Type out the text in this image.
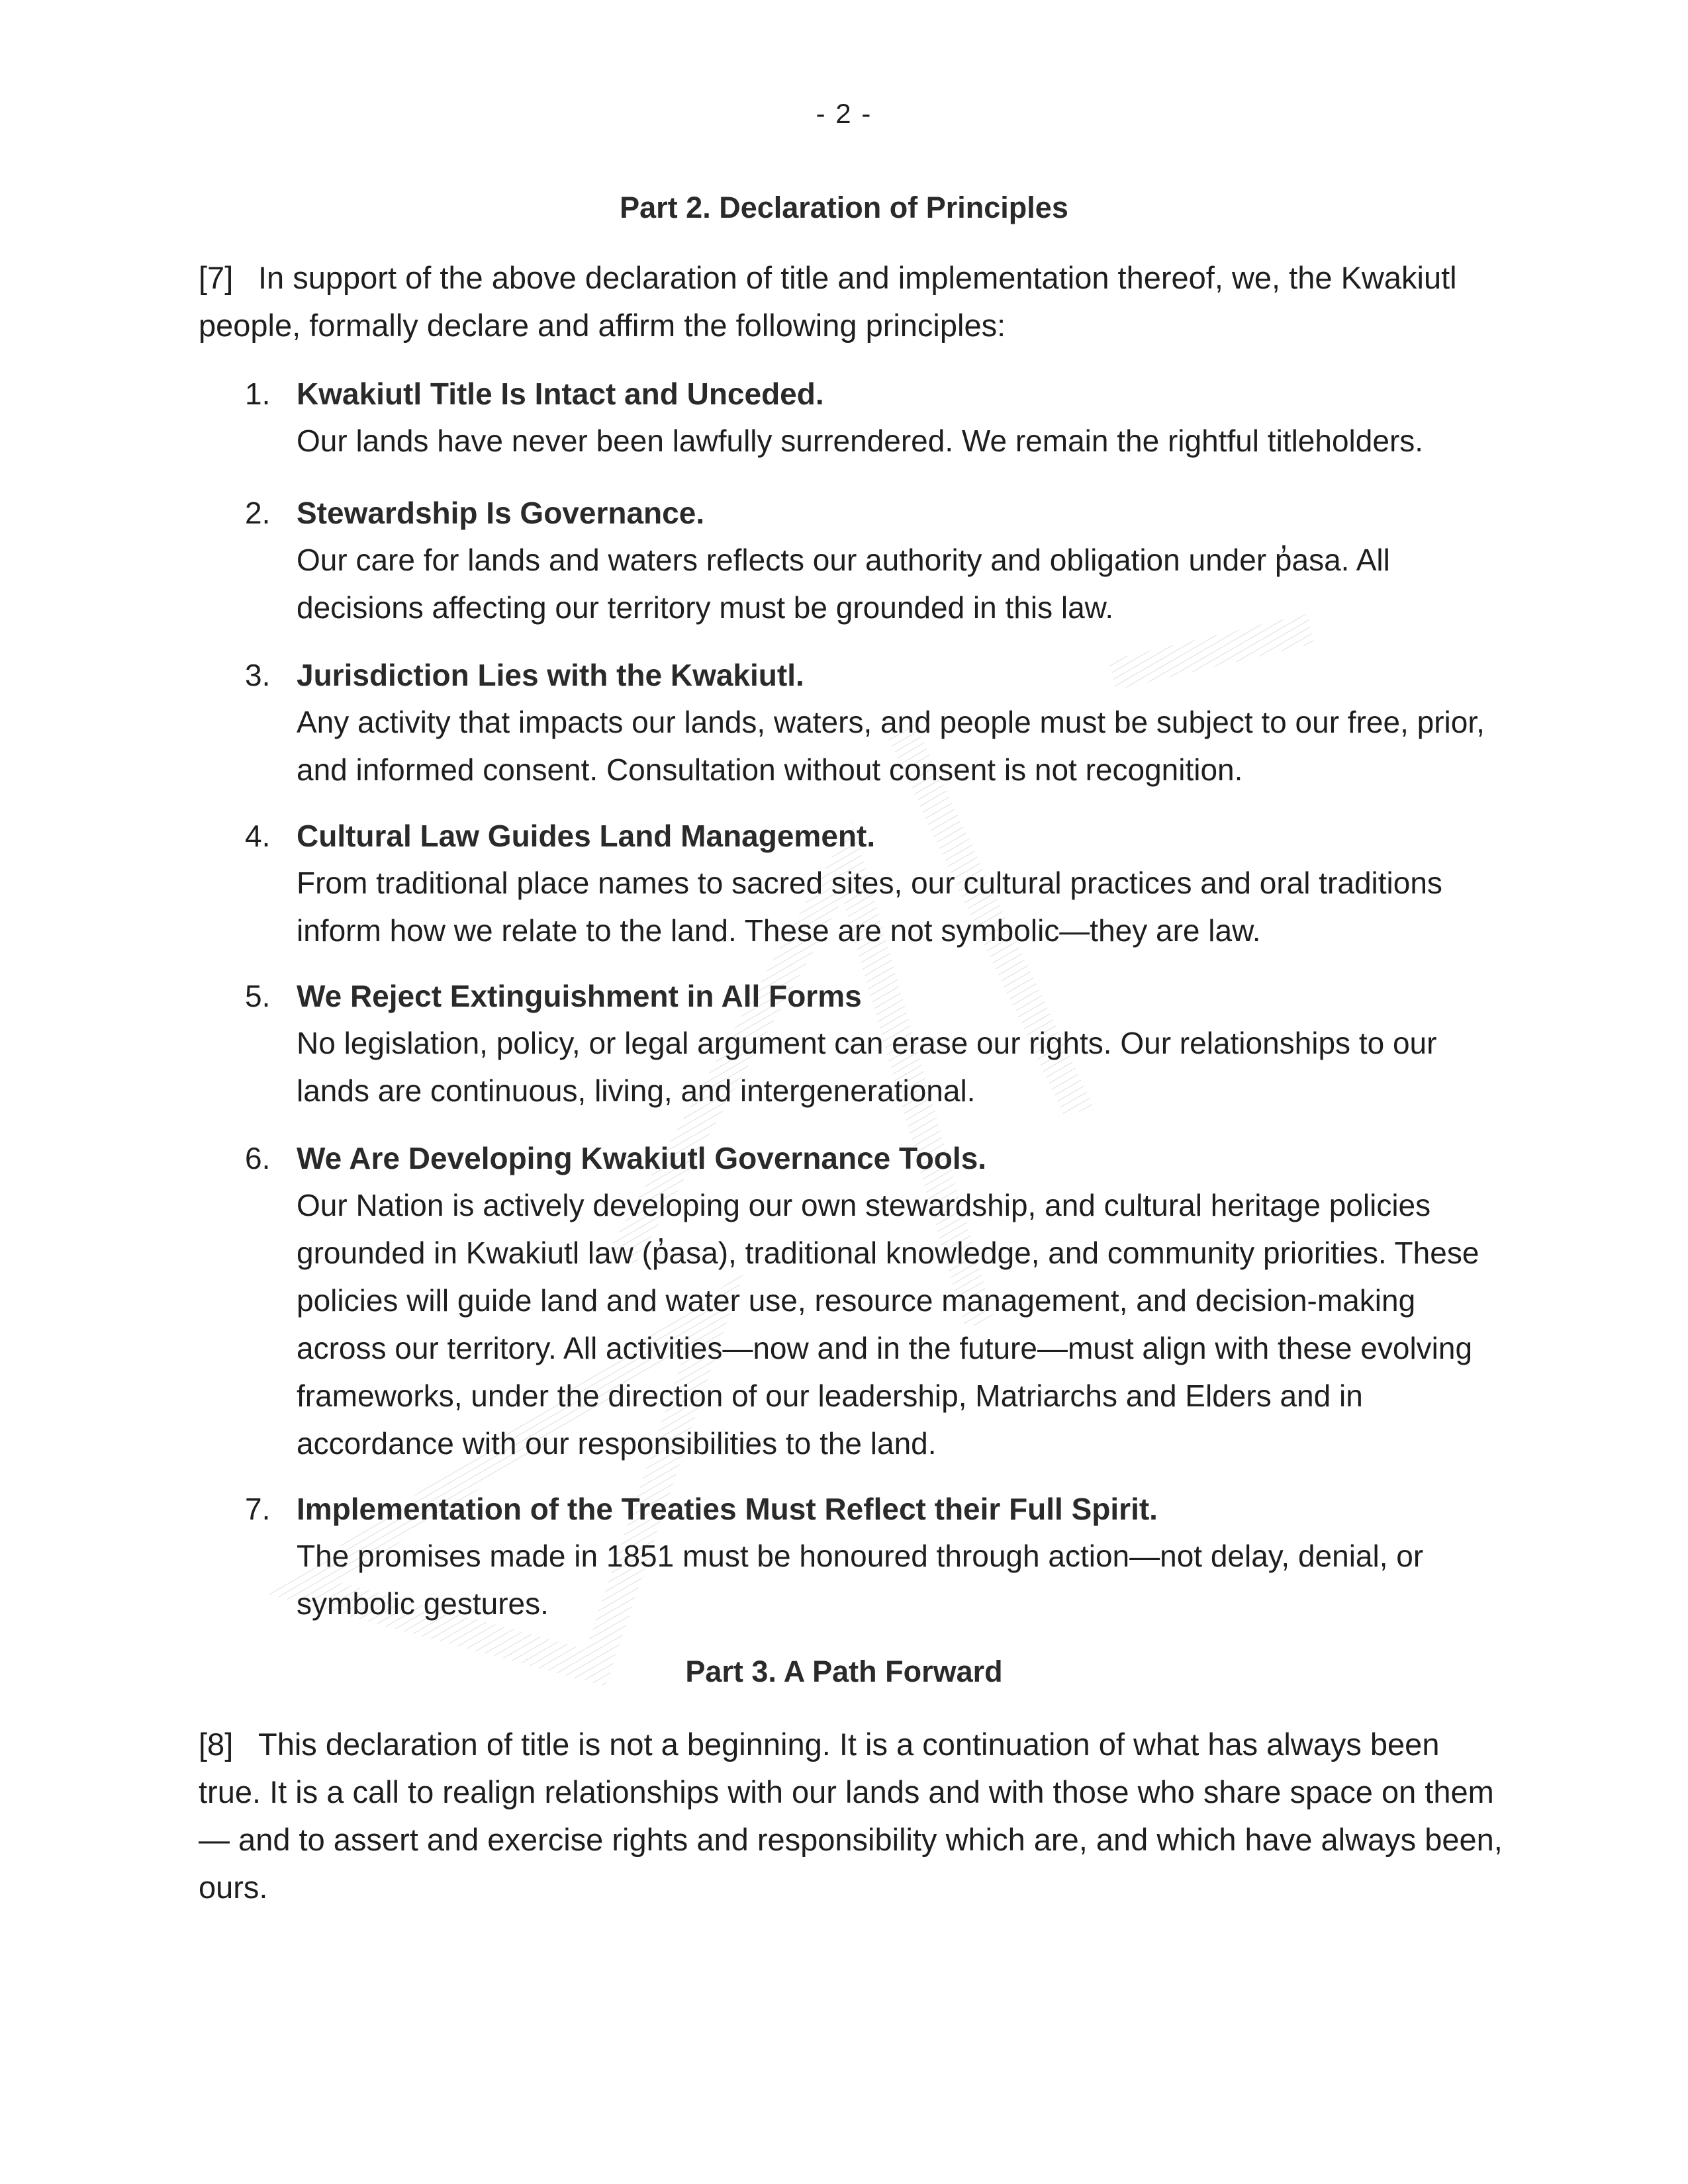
- 2 -
Part 2. Declaration of Principles
[7] In support of the above declaration of title and implementation thereof, we, the Kwakiutl people, formally declare and affirm the following principles:
1. Kwakiutl Title Is Intact and Unceded.
Our lands have never been lawfully surrendered. We remain the rightful titleholders.
2. Stewardship Is Governance.
Our care for lands and waters reflects our authority and obligation under p̓asa. All decisions affecting our territory must be grounded in this law.
3. Jurisdiction Lies with the Kwakiutl.
Any activity that impacts our lands, waters, and people must be subject to our free, prior, and informed consent. Consultation without consent is not recognition.
4. Cultural Law Guides Land Management.
From traditional place names to sacred sites, our cultural practices and oral traditions inform how we relate to the land. These are not symbolic—they are law.
5. We Reject Extinguishment in All Forms
No legislation, policy, or legal argument can erase our rights. Our relationships to our lands are continuous, living, and intergenerational.
6. We Are Developing Kwakiutl Governance Tools.
Our Nation is actively developing our own stewardship, and cultural heritage policies grounded in Kwakiutl law (p̓asa), traditional knowledge, and community priorities. These policies will guide land and water use, resource management, and decision-making across our territory. All activities—now and in the future—must align with these evolving frameworks, under the direction of our leadership, Matriarchs and Elders and in accordance with our responsibilities to the land.
7. Implementation of the Treaties Must Reflect their Full Spirit.
The promises made in 1851 must be honoured through action—not delay, denial, or symbolic gestures.
Part 3. A Path Forward
[8] This declaration of title is not a beginning. It is a continuation of what has always been true. It is a call to realign relationships with our lands and with those who share space on them — and to assert and exercise rights and responsibility which are, and which have always been, ours.
